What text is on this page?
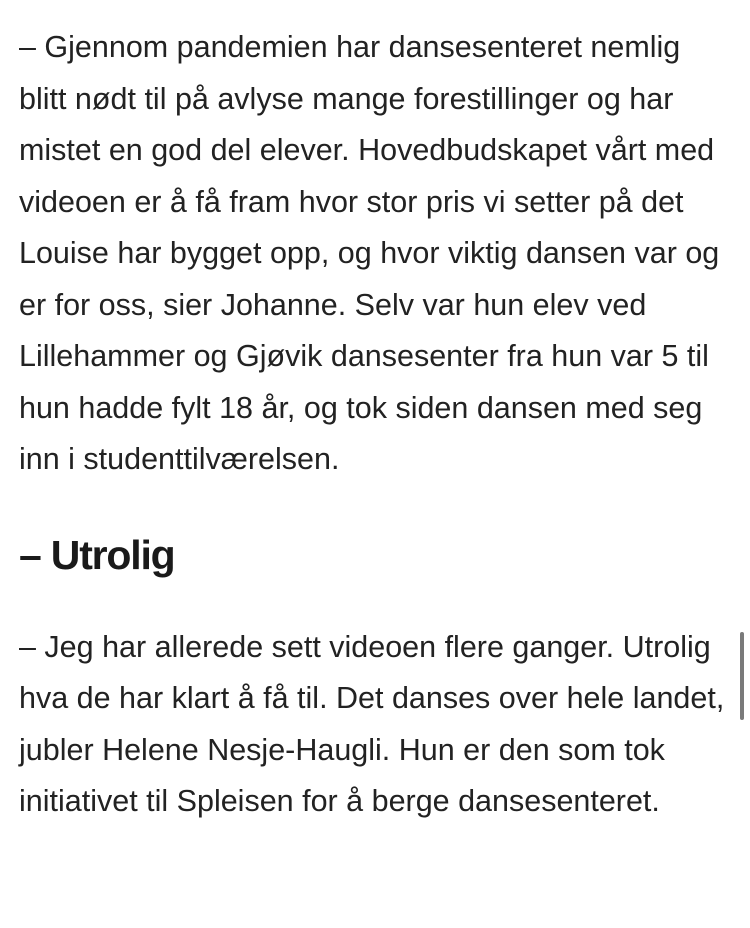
– Gjennom pandemien har dansesenteret nemlig blitt nødt til på avlyse mange forestillinger og har mistet en god del elever. Hovedbudskapet vårt med videoen er å få fram hvor stor pris vi setter på det Louise har bygget opp, og hvor viktig dansen var og er for oss, sier Johanne. Selv var hun elev ved Lillehammer og Gjøvik dansesenter fra hun var 5 til hun hadde fylt 18 år, og tok siden dansen med seg inn i studenttilværelsen.

– Utrolig

– Jeg har allerede sett videoen flere ganger. Utrolig hva de har klart å få til. Det danses over hele landet, jubler Helene Nesje-Haugli. Hun er den som tok initiativet til Spleisen for å berge dansesenteret.
